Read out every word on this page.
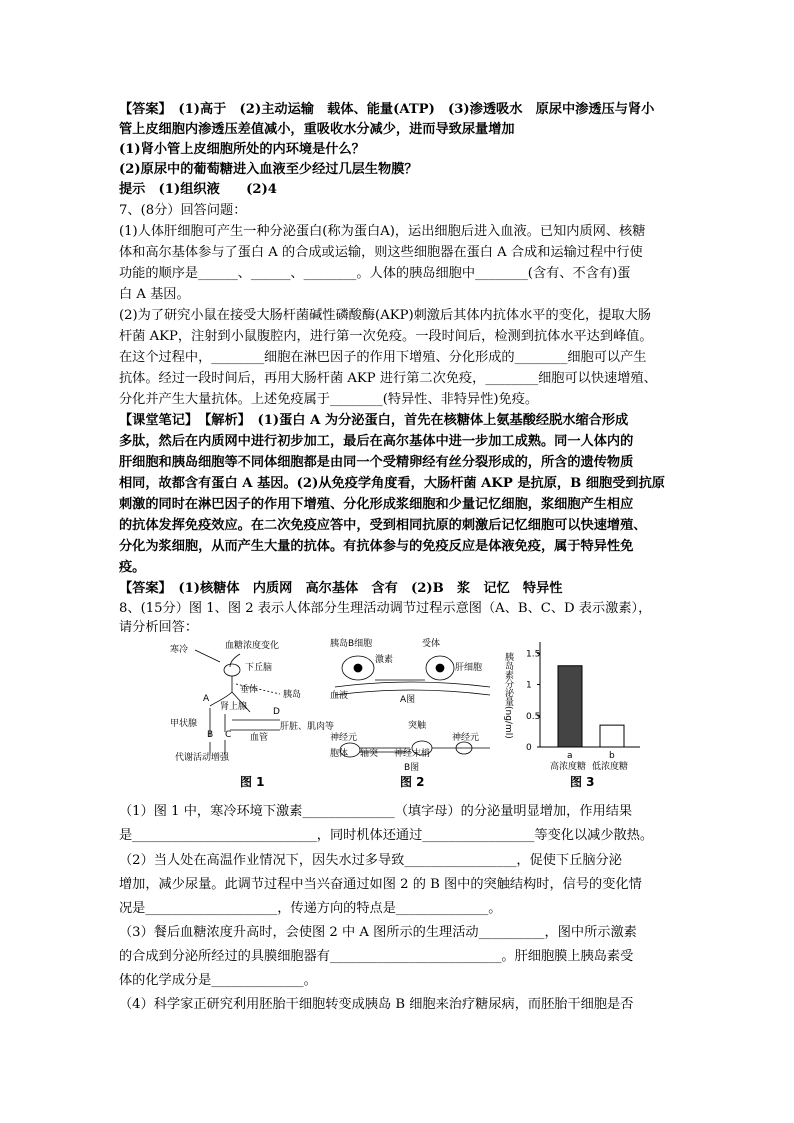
【答案】　(1)高于　(2)主动运输　载体、能量(ATP)　(3)渗透吸水　原尿中渗透压与肾小
管上皮细胞内渗透压差值减小，重吸收水分减少，进而导致尿量增加
(1)肾小管上皮细胞所处的内环境是什么？
(2)原尿中的葡萄糖进入血液至少经过几层生物膜？
提示　(1)组织液　　(2)4
7、(8分）回答问题：
(1)人体肝细胞可产生一种分泌蛋白(称为蛋白A)，运出细胞后进入血液。已知内质网、核糖
体和高尔基体参与了蛋白 A 的合成或运输，则这些细胞器在蛋白 A 合成和运输过程中行使
功能的顺序是______、______、________。人体的胰岛细胞中________(含有、不含有)蛋
白 A 基因。
(2)为了研究小鼠在接受大肠杆菌碱性磷酸酶(AKP)刺激后其体内抗体水平的变化，提取大肠
杆菌 AKP，注射到小鼠腹腔内，进行第一次免疫。一段时间后，检测到抗体水平达到峰值。
在这个过程中，________细胞在淋巴因子的作用下增殖、分化形成的________细胞可以产生
抗体。经过一段时间后，再用大肠杆菌 AKP 进行第二次免疫，________细胞可以快速增殖、
分化并产生大量抗体。上述免疫属于________(特异性、非特异性)免疫。
【课堂笔记】　【解析】　(1)蛋白 A 为分泌蛋白，首先在核糖体上氨基酸经脱水缩合形成
多肽，然后在内质网中进行初步加工，最后在高尔基体中进一步加工成熟。同一人体内的
肝细胞和胰岛细胞等不同体细胞都是由同一个受精卵经有丝分裂形成的，所含的遗传物质
相同，故都含有蛋白 A 基因。(2)从免疫学角度看，大肠杆菌 AKP 是抗原，B 细胞受到抗原
刺激的同时在淋巴因子的作用下增殖、分化形成浆细胞和少量记忆细胞，浆细胞产生相应
的抗体发挥免疫效应。在二次免疫应答中，受到相同抗原的刺激后记忆细胞可以快速增殖、
分化为浆细胞，从而产生大量的抗体。有抗体参与的免疫反应是体液免疫，属于特异性免
疫。
【答案】　(1)核糖体　内质网　高尔基体　含有　(2)B　浆　记忆　特异性
8、(15分）图 1、图 2 表示人体部分生理活动调节过程示意图（A、B、C、D 表示激素），
请分析回答：
（1）图 1 中，寒冷环境下激素______________（填字母）的分泌量明显增加，作用结果
是____________________________，同时机体还通过_________________等变化以减少散热。
（2）当人处在高温作业情况下，因失水过多导致_________________，促使下丘脑分泌
增加，减少尿量。此调节过程中当兴奋通过如图 2 的 B 图中的突触结构时，信号的变化情
况是____________________，传递方向的特点是______________。
（3）餐后血糖浓度升高时，会使图 2 中 A 图所示的生理活动__________，图中所示激素
的合成到分泌所经过的具膜细胞器有__________________________。肝细胞膜上胰岛素受
体的化学成分是______________。
（4）科学家正研究利用胚胎干细胞转变成胰岛 B 细胞来治疗糖尿病，而胚胎干细胞是否
寒冷	血糖浓度变化
下丘脑
垂体	胰岛
A
肾上腺
甲状腺
B C
D
血管
肝脏、肌肉等
代谢活动增强
图 1
胰岛B细胞	受体
激素
肝细胞
血液	A图
神经元
突触
神经元
胞体 轴突 神经末梢
B图
图 2
胰岛素分泌量(ng/ml)
0
0.5
1
1.5
a
高浓度糖
b
低浓度糖
图 3
